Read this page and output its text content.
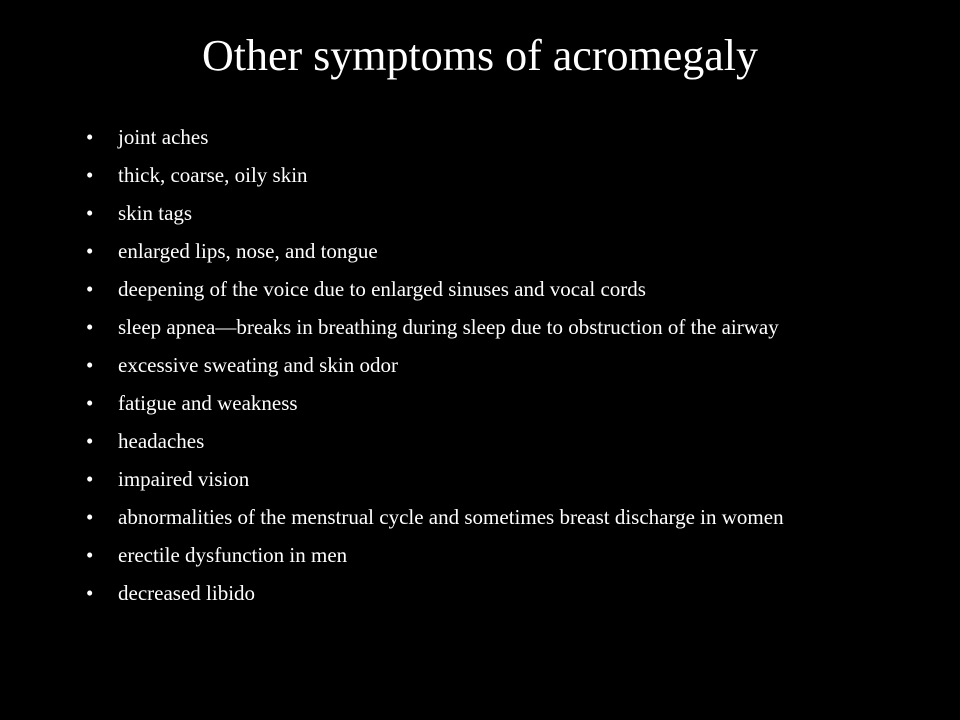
Other symptoms of acromegaly
•	joint aches
•	thick, coarse, oily skin
•	skin tags
•	enlarged lips, nose, and tongue
•	deepening of the voice due to enlarged sinuses and vocal cords
•	sleep apnea—breaks in breathing during sleep due to obstruction of the airway
•	excessive sweating and skin odor
•	fatigue and weakness
•	headaches
•	impaired vision
•	abnormalities of the menstrual cycle and sometimes breast discharge in women
•	erectile dysfunction in men
•	decreased libido
